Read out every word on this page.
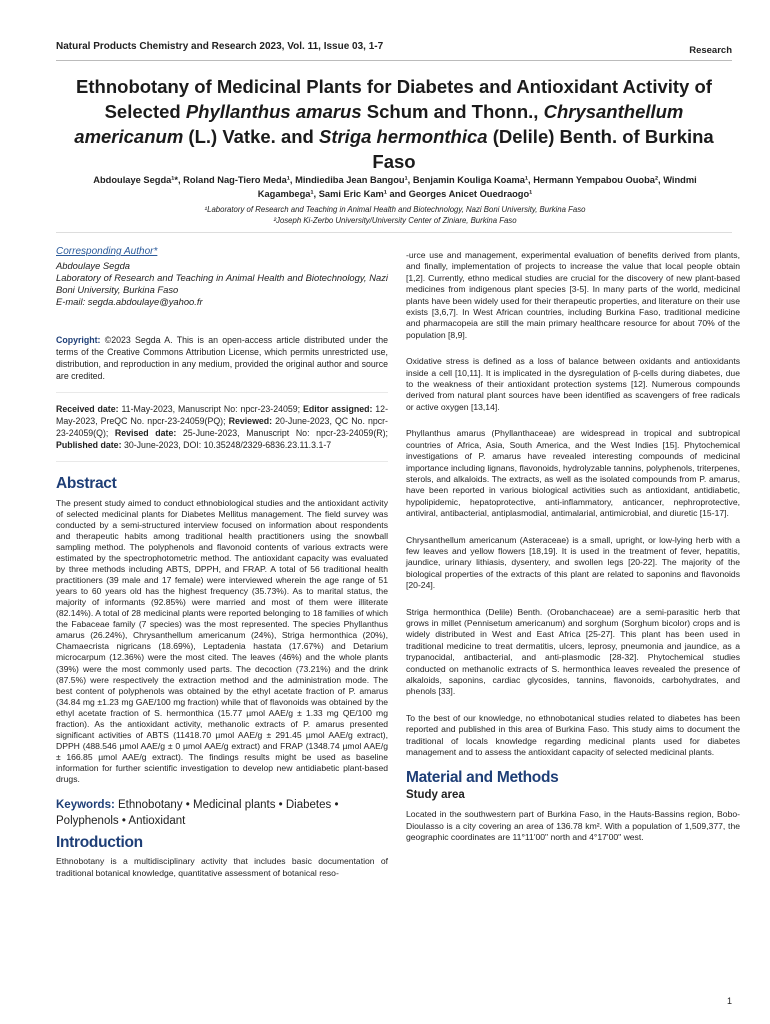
Natural Products Chemistry and Research 2023, Vol. 11, Issue 03, 1-7	Research
Ethnobotany of Medicinal Plants for Diabetes and Antioxidant Activity of Selected Phyllanthus amarus Schum and Thonn., Chrysanthellum americanum (L.) Vatke. and Striga hermonthica (Delile) Benth. of Burkina Faso
Abdoulaye Segda¹*, Roland Nag-Tiero Meda¹, Mindiediba Jean Bangou¹, Benjamin Kouliga Koama¹, Hermann Yempabou Ouoba², Windmi Kagambega¹, Sami Eric Kam¹ and Georges Anicet Ouedraogo¹
¹Laboratory of Research and Teaching in Animal Health and Biotechnology, Nazi Boni University, Burkina Faso
²Joseph Ki-Zerbo University/University Center of Ziniare, Burkina Faso
Corresponding Author*
Abdoulaye Segda
Laboratory of Research and Teaching in Animal Health and Biotechnology, Nazi Boni University, Burkina Faso
E-mail: segda.abdoulaye@yahoo.fr

Copyright: ©2023 Segda A. This is an open-access article distributed under the terms of the Creative Commons Attribution License, which permits unrestricted use, distribution, and reproduction in any medium, provided the original author and source are credited.

Received date: 11-May-2023, Manuscript No: npcr-23-24059; Editor assigned: 12-May-2023, PreQC No. npcr-23-24059(PQ); Reviewed: 20-June-2023, QC No. npcr-23-24059(Q); Revised date: 25-June-2023, Manuscript No: npcr-23-24059(R); Published date: 30-June-2023, DOI: 10.35248/2329-6836.23.11.3.1-7

Abstract

The present study aimed to conduct ethnobiological studies and the antioxidant activity of selected medicinal plants for Diabetes Mellitus management. The field survey was conducted by a semi-structured interview focused on information about respondents and therapeutic habits among traditional health practitioners using the snowball sampling method. The polyphenols and flavonoid contents of various extracts were estimated by the spectrophotometric method. The antioxidant capacity was evaluated by three methods including ABTS, DPPH, and FRAP. A total of 56 traditional health practitioners (39 male and 17 female) were interviewed wherein the age range of 51 years to 60 years old has the highest frequency (35.73%). As to marital status, the majority of informants (92.85%) were married and most of them were illiterate (82.14%). A total of 28 medicinal plants were reported belonging to 18 families of which the Fabaceae family (7 species) was the most represented. The species Phyllanthus amarus (26.24%), Chrysanthellum americanum (24%), Striga hermonthica (20%), Chamaecrista nigricans (18.69%), Leptadenia hastata (17.67%) and Detarium microcarpum (12.36%) were the most cited. The leaves (46%) and the whole plants (39%) were the most commonly used parts. The decoction (73.21%) and the drink (87.5%) were respectively the extraction method and the administration mode. The best content of polyphenols was obtained by the ethyl acetate fraction of P. amarus (34.84 mg ±1.23 mg GAE/100 mg fraction) while that of flavonoids was obtained by the ethyl acetate fraction of S. hermonthica (15.77 µmol AAE/g ± 1.33 mg QE/100 mg fraction). As the antioxidant activity, methanolic extracts of P. amarus presented significant activities of ABTS (11418.70 µmol AAE/g ± 291.45 µmol AAE/g extract), DPPH (488.546 µmol AAE/g ± 0 µmol AAE/g extract) and FRAP (1348.74 µmol AAE/g ± 166.85 µmol AAE/g extract). The findings results might be used as baseline information for further scientific investigation to develop new antidiabetic plant-based drugs.

Keywords: Ethnobotany • Medicinal plants • Diabetes • Polyphenols • Antioxidant

Introduction

Ethnobotany is a multidisciplinary activity that includes basic documentation of traditional botanical knowledge, quantitative assessment of botanical reso-

-urce use and management, experimental evaluation of benefits derived from plants, and finally, implementation of projects to increase the value that local people obtain [1,2]. Currently, ethno medical studies are crucial for the discovery of new plant-based medicines from indigenous plant species [3-5]. In many parts of the world, medicinal plants have been widely used for their therapeutic properties, and literature on their use exists [3,6,7]. In West African countries, including Burkina Faso, traditional medicine and pharmacopeia are still the main primary healthcare resource for about 70% of the population [8,9].

Oxidative stress is defined as a loss of balance between oxidants and antioxidants inside a cell [10,11]. It is implicated in the dysregulation of β-cells during diabetes, due to the weakness of their antioxidant protection systems [12]. Numerous compounds derived from natural plant sources have been identified as scavengers of free radicals or active oxygen [13,14].

Phyllanthus amarus (Phyllanthaceae) are widespread in tropical and subtropical countries of Africa, Asia, South America, and the West Indies [15]. Phytochemical investigations of P. amarus have revealed interesting compounds of medicinal importance including lignans, flavonoids, hydrolyzable tannins, polyphenols, triterpenes, sterols, and alkaloids. The extracts, as well as the isolated compounds from P. amarus, have been reported in various biological activities such as antioxidant, antidiabetic, hypolipidemic, hepatoprotective, anti-inflammatory, anticancer, nephroprotective, antiviral, antibacterial, antiplasmodial, antimalarial, antimicrobial, and diuretic [15-17].

Chrysanthellum americanum (Asteraceae) is a small, upright, or low-lying herb with a few leaves and yellow flowers [18,19]. It is used in the treatment of fever, hepatitis, jaundice, urinary lithiasis, dysentery, and swollen legs [20-22]. The majority of the biological properties of the extracts of this plant are related to saponins and flavonoids [20-24].

Striga hermonthica (Delile) Benth. (Orobanchaceae) are a semi-parasitic herb that grows in millet (Pennisetum americanum) and sorghum (Sorghum bicolor) crops and is widely distributed in West and East Africa [25-27]. This plant has been used in traditional medicine to treat dermatitis, ulcers, leprosy, pneumonia and jaundice, as a trypanocidal, antibacterial, and anti-plasmodic [28-32]. Phytochemical studies conducted on methanolic extracts of S. hermonthica leaves revealed the presence of alkaloids, saponins, cardiac glycosides, tannins, flavonoids, carbohydrates, and phenols [33].

To the best of our knowledge, no ethnobotanical studies related to diabetes has been reported and published in this area of Burkina Faso. This study aims to document the traditional of locals knowledge regarding medicinal plants used for diabetes management and to assess the antioxidant capacity of selected medicinal plants.

Material and Methods
Study area

Located in the southwestern part of Burkina Faso, in the Hauts-Bassins region, Bobo-Dioulasso is a city covering an area of 136.78 km². With a population of 1,509,377, the geographic coordinates are 11°11'00" north and 4°17'00" west.

1
